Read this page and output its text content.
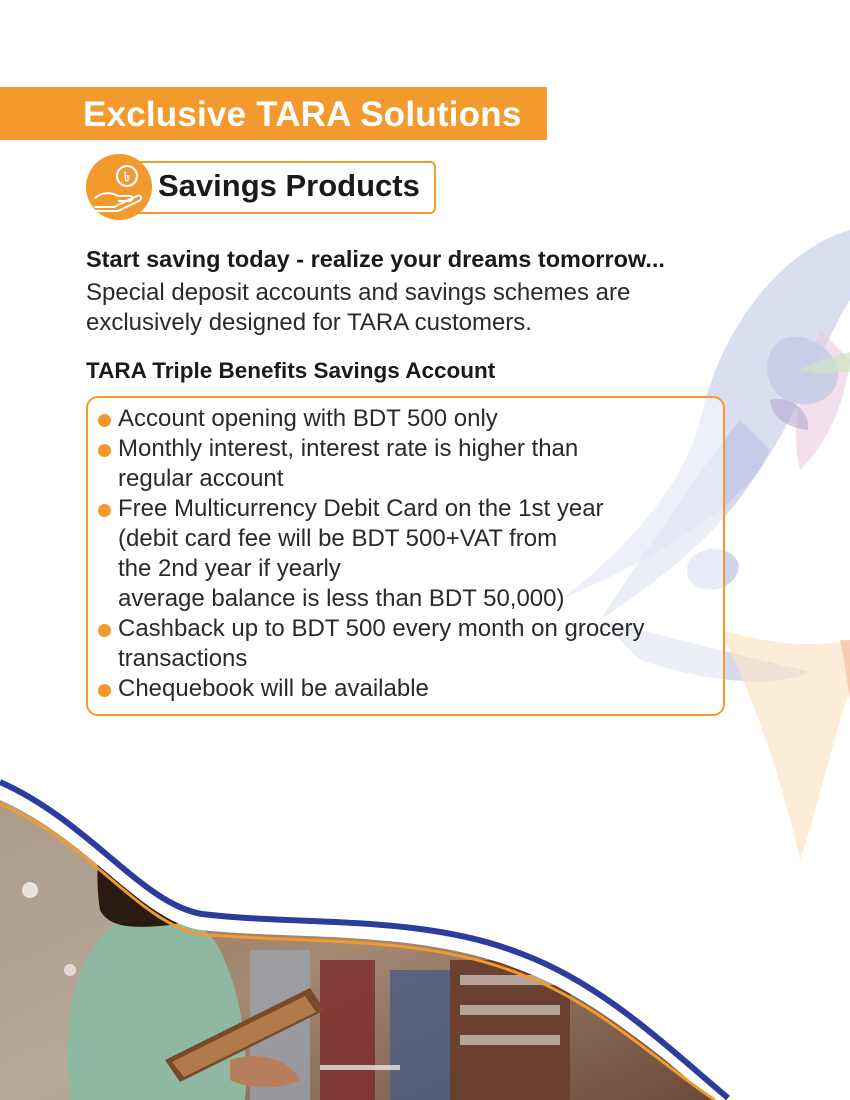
Exclusive TARA Solutions
৳ Savings Products
Start saving today - realize your dreams tomorrow...

Special deposit accounts and savings schemes are exclusively designed for TARA customers.

TARA Triple Benefits Savings Account
Account opening with BDT 500 only
Monthly interest, interest rate is higher than
regular account
Free Multicurrency Debit Card on the 1st year
(debit card fee will be BDT 500+VAT from
the 2nd year if yearly
average balance is less than BDT 50,000)
Cashback up to BDT 500 every month on grocery
transactions
Chequebook will be available
